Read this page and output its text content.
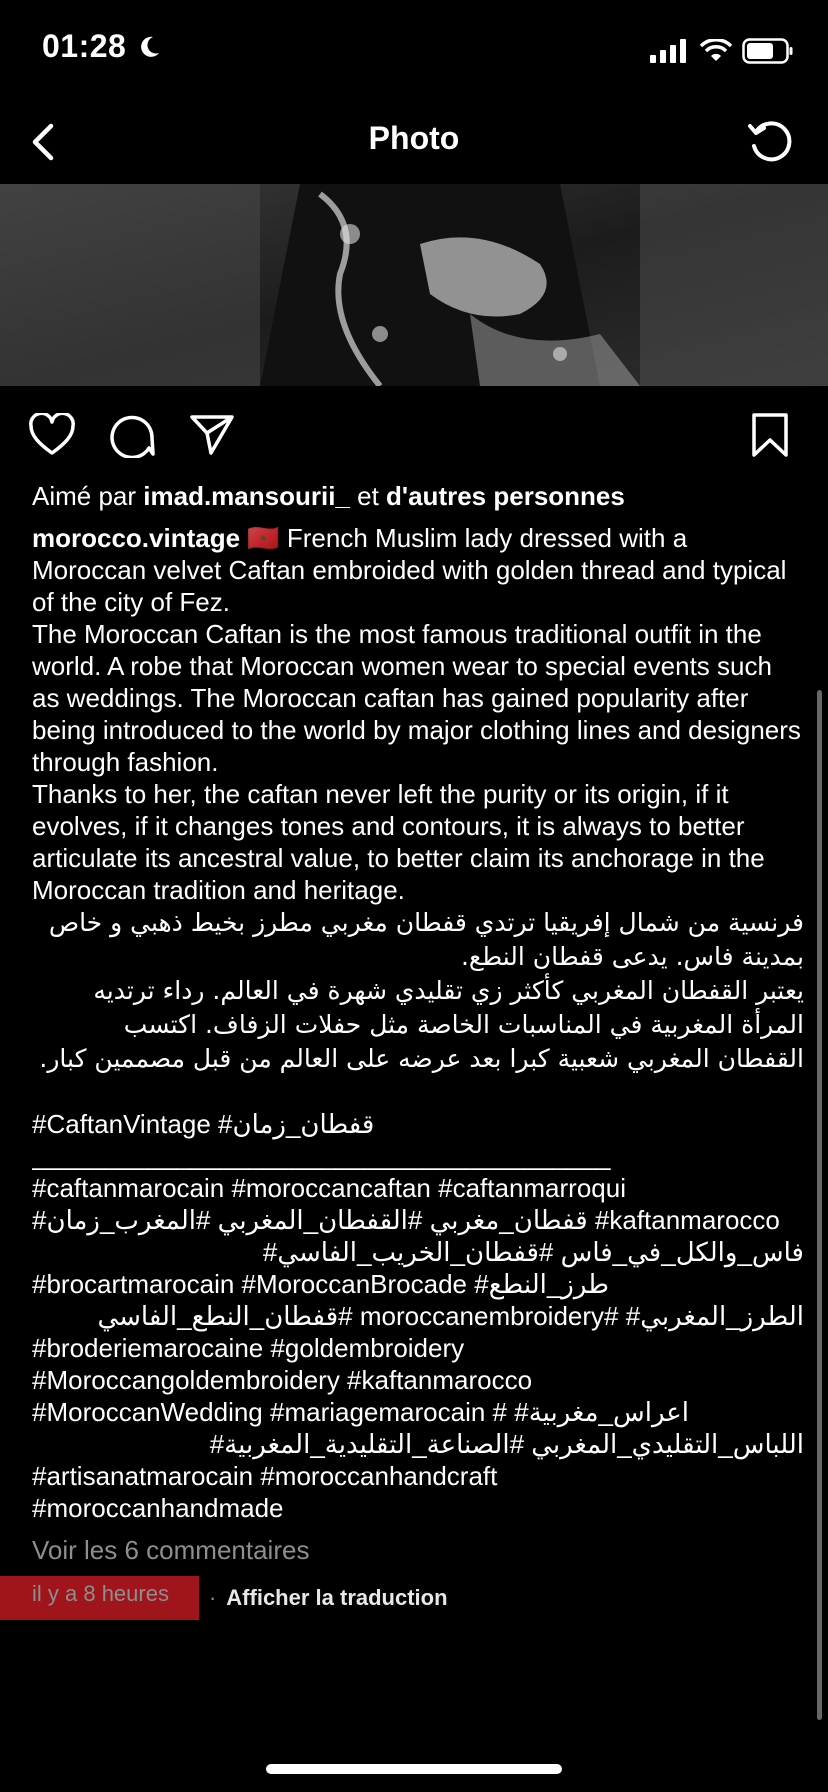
01:28
Photo
Aimé par imad.mansourii_ et d'autres personnes

morocco.vintage 🇲🇦 French Muslim lady dressed with a Moroccan velvet Caftan embroided with golden thread and typical of the city of Fez.

The Moroccan Caftan is the most famous traditional outfit in the world. A robe that Moroccan women wear to special events such as weddings. The Moroccan caftan has gained popularity after being introduced to the world by major clothing lines and designers through fashion.

Thanks to her, the caftan never left the purity or its origin, if it evolves, if it changes tones and contours, it is always to better articulate its ancestral value, to better claim its anchorage in the Moroccan tradition and heritage.

فرنسية من شمال إفريقيا ترتدي قفطان مغربي مطرز بخيط ذهبي و خاص بمدينة فاس. يدعى قفطان النطع.

يعتبر القفطان المغربي كأكثر زي تقليدي شهرة في العالم. رداء ترتديه المرأة المغربية في المناسبات الخاصة مثل حفلات الزفاف. اكتسب القفطان المغربي شعبية كبرا بعد عرضه على العالم من قبل مصممين كبار.

#CaftanVintage #قفطان_زمان

________________________________________

#caftanmarocain #moroccancaftan #caftanmarroqui #قفطان_مغربي #القفطان_المغربي #المغرب_زمان #kaftanmarocco

فاس_والكل_في_فاس #قفطان_الخريب_الفاسي#

#brocartmarocain #MoroccanBrocade #طرز_النطع

الطرز_المغربي# #moroccanembroidery #قفطان_النطع_الفاسي

#broderiemarocaine #goldembroidery

#Moroccangoldembroidery #kaftanmarocco

#MoroccanWedding #mariagemarocain # #اعراس_مغربية

اللباس_التقليدي_المغربي #الصناعة_التقليدية_المغربية#

#artisanatmarocain #moroccanhandcraft

#moroccanhandmade

Voir les 6 commentaires
il y a 8 heures	· Afficher la traduction
